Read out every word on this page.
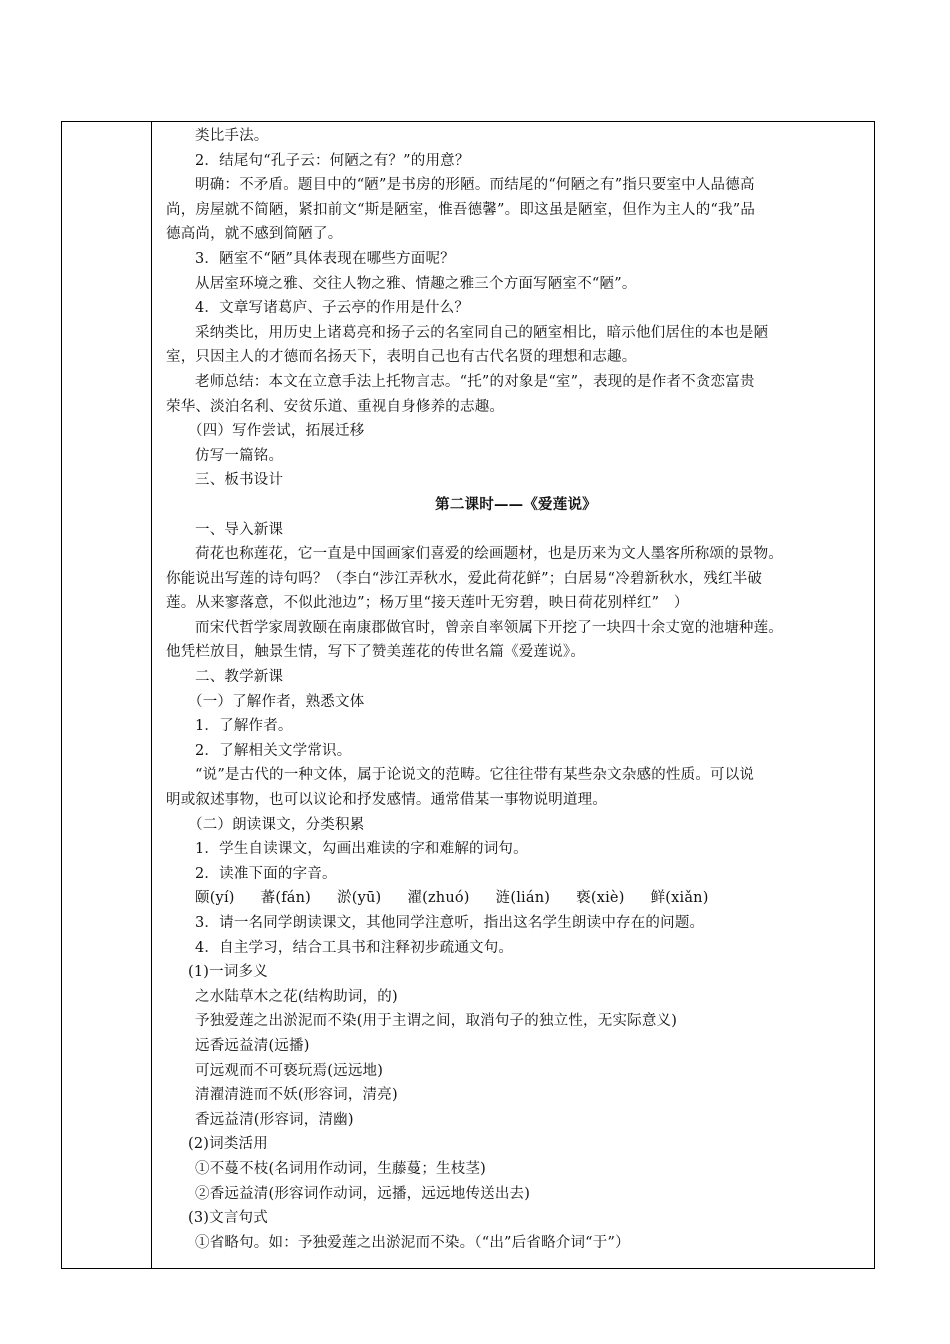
类比手法。
2．结尾句“孔子云：何陋之有？”的用意？
明确：不矛盾。题目中的“陋”是书房的形陋。而结尾的“何陋之有”指只要室中人品德高
尚，房屋就不简陋，紧扣前文“斯是陋室，惟吾德馨”。即这虽是陋室，但作为主人的“我”品
德高尚，就不感到简陋了。
3．陋室不“陋”具体表现在哪些方面呢？
从居室环境之雅、交往人物之雅、情趣之雅三个方面写陋室不“陋”。
4．文章写诸葛庐、子云亭的作用是什么？
采纳类比，用历史上诸葛亮和扬子云的名室同自己的陋室相比，暗示他们居住的本也是陋
室，只因主人的才德而名扬天下，表明自己也有古代名贤的理想和志趣。
老师总结：本文在立意手法上托物言志。“托”的对象是“室”，表现的是作者不贪恋富贵
荣华、淡泊名利、安贫乐道、重视自身修养的志趣。
（四）写作尝试，拓展迁移
仿写一篇铭。
三、板书设计
第二课时——《爱莲说》
一、导入新课
荷花也称莲花，它一直是中国画家们喜爱的绘画题材，也是历来为文人墨客所称颂的景物。
你能说出写莲的诗句吗？（李白“涉江弄秋水，爱此荷花鲜”；白居易“冷碧新秋水，残红半破
莲。从来寥落意，不似此池边”；杨万里“接天莲叶无穷碧，映日荷花别样红”　）
而宋代哲学家周敦颐在南康郡做官时，曾亲自率领属下开挖了一块四十余丈宽的池塘种莲。
他凭栏放目，触景生情，写下了赞美莲花的传世名篇《爱莲说》。
二、教学新课
（一）了解作者，熟悉文体
1．了解作者。
2．了解相关文学常识。
“说”是古代的一种文体，属于论说文的范畴。它往往带有某些杂文杂感的性质。可以说
明或叙述事物，也可以议论和抒发感情。通常借某一事物说明道理。
（二）朗读课文，分类积累
1．学生自读课文，勾画出难读的字和难解的词句。
2．读准下面的字音。
颐(yí) 蕃(fán) 淤(yū) 濯(zhuó) 涟(lián) 亵(xiè) 鲜(xiǎn)
3．请一名同学朗读课文，其他同学注意听，指出这名学生朗读中存在的问题。
4．自主学习，结合工具书和注释初步疏通文句。
(1)一词多义
之水陆草木之花(结构助词，的)
予独爱莲之出淤泥而不染(用于主谓之间，取消句子的独立性，无实际意义)
远香远益清(远播)
可远观而不可亵玩焉(远远地)
清濯清涟而不妖(形容词，清亮)
香远益清(形容词，清幽)
(2)词类活用
①不蔓不枝(名词用作动词，生藤蔓；生枝茎)
②香远益清(形容词作动词，远播，远远地传送出去)
(3)文言句式
①省略句。如：予独爱莲之出淤泥而不染。（“出”后省略介词“于”）
